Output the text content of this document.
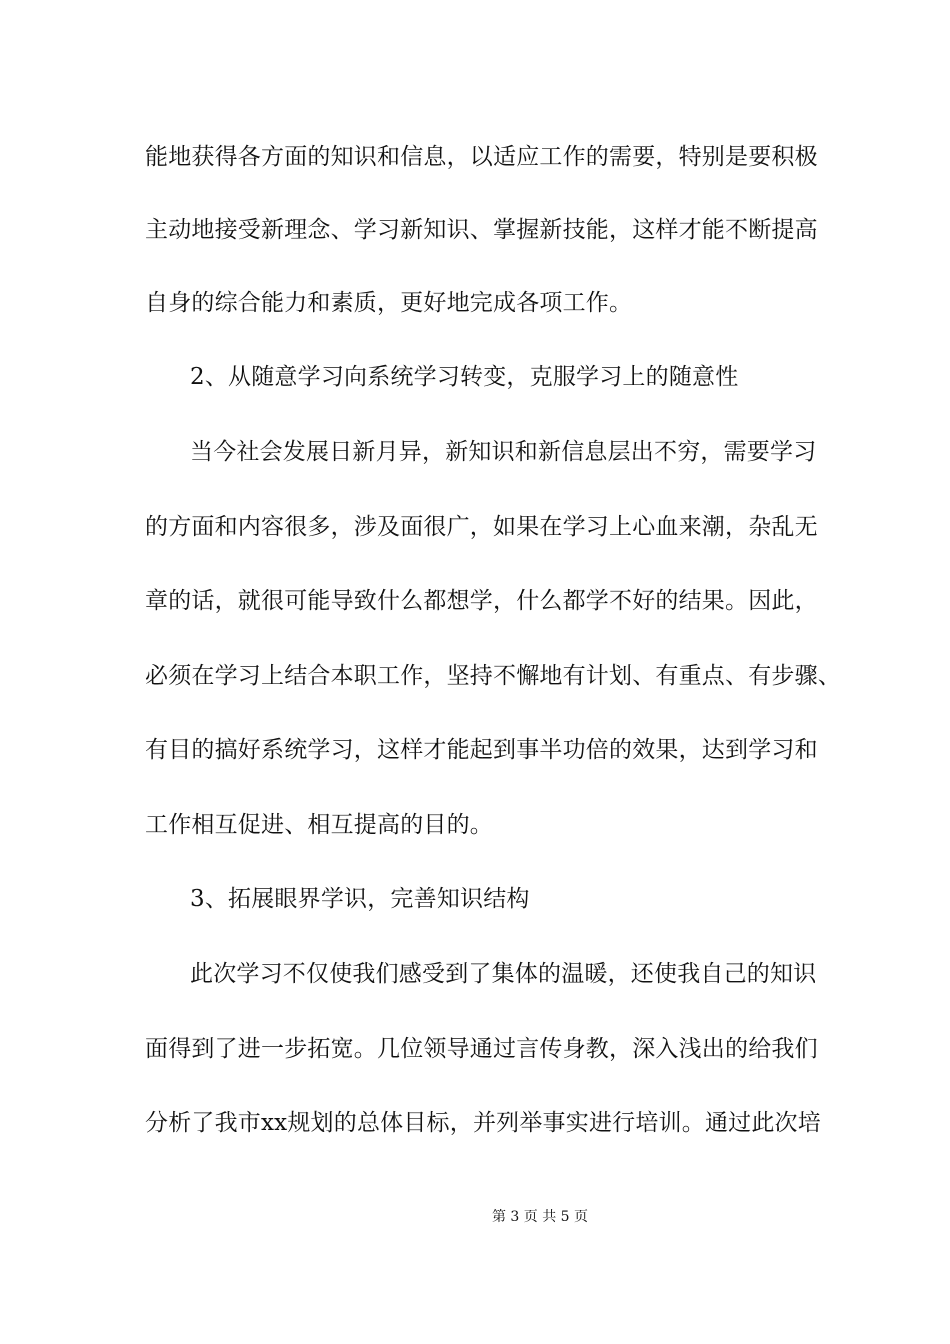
能地获得各方面的知识和信息，以适应工作的需要，特别是要积极
主动地接受新理念、学习新知识、掌握新技能，这样才能不断提高
自身的综合能力和素质，更好地完成各项工作。
2、从随意学习向系统学习转变，克服学习上的随意性
当今社会发展日新月异，新知识和新信息层出不穷，需要学习
的方面和内容很多，涉及面很广，如果在学习上心血来潮，杂乱无
章的话，就很可能导致什么都想学，什么都学不好的结果。因此，
必须在学习上结合本职工作，坚持不懈地有计划、有重点、有步骤、
有目的搞好系统学习，这样才能起到事半功倍的效果，达到学习和
工作相互促进、相互提高的目的。
3、拓展眼界学识，完善知识结构
此次学习不仅使我们感受到了集体的温暖，还使我自己的知识
面得到了进一步拓宽。几位领导通过言传身教，深入浅出的给我们
分析了我市xx规划的总体目标，并列举事实进行培训。通过此次培
第 3 页 共 5 页
